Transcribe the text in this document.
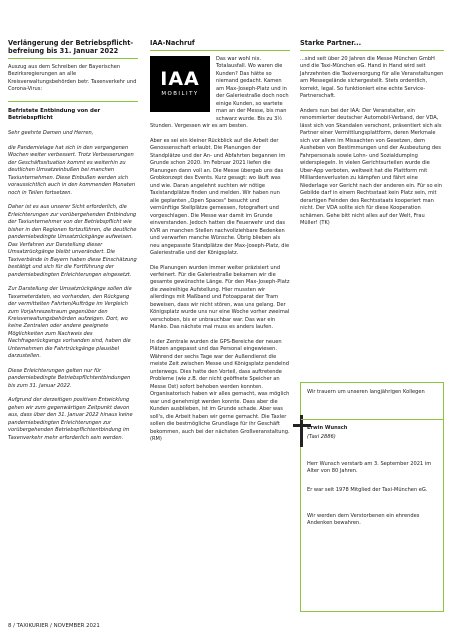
Verlängerung der Betriebspflicht-befreiung bis 31. Januar 2022

Auszug aus dem Schreiben der Bayerischen Bezirksregierungen an alle Kreisverwaltungsbehörden betr. Taxenverkehr und Corona-Virus:

Befristete Entbindung von der Betriebspflicht

Sehr geehrte Damen und Herren,

die Pandemielage hat sich in den vergangenen Wochen weiter verbessert. Trotz Verbesserungen der Geschäftssituation kommt es weiterhin zu deutlichen Umsatzeinbußen bei manchen Taxiunternehmen. Diese Einbußen werden sich voraussichtlich auch in den kommenden Monaten noch in Teilen fortsetzen.

Daher ist es aus unserer Sicht erforderlich, die Erleichterungen zur vorübergehenden Entbindung der Taxiunternehmer von der Betriebspflicht wie bisher in den Regionen fortzuführen, die deutliche pandemiebedingte Umsatzrückgänge aufweisen. Das Verfahren zur Darstellung dieser Umsatzrückgänge bleibt unverändert. Die Taxiverbände in Bayern haben diese Einschätzung bestätigt und sich für die Fortführung der pandemiebedingten Erleichterungen eingesetzt.

Zur Darstellung der Umsatzrückgänge sollen die Taxameterdaten, wo vorhanden, den Rückgang der vermittelten Fahrten/Auftröge im Vergleich zum Vorjahreszeitraum gegenüber den Kreisverwaltungsbehörden aufzeigen. Dort, wo keine Zentralen oder andere geeignete Möglichkeiten zum Nachweis des Nachfragerückgangs vorhanden sind, haben die Unternehmen die Fahrtrückgänge plausibel darzustellen.

Diese Erleichterungen gelten nur für pandemiebedingte Betriebspflichtentbindungen bis zum 31. Januar 2022.

Aufgrund der derzeitigen positiven Entwicklung gehen wir zum gegenwärtigen Zeitpunkt davon aus, dass über den 31. Januar 2022 hinaus keine pandemiebedingten Erleichterungen zur vorübergehenden Betriebspflichtentbindung im Taxenverkehr mehr erforderlich sein werden.

IAA-Nachruf
IAA
MOBILITY

Das war wohl nix. Totalausfall. Wo waren die Kunden? Das hätte so niemand gedacht. Kamen am Max-Joseph-Platz und in der Galeriestraße doch noch einige Kunden, so wartete man an der Messe, bis man schwarz wurde. Bis zu 3½ Stunden. Vergessen wir es am besten.

Aber es sei ein kleiner Rückblick auf die Arbeit der Genossenschaft erlaubt. Die Planungen der Standplätze und der An- und Abfahrten begannen im Grunde schon 2020. Im Februar 2021 liefen die Planungen dann voll an. Die Messe übergab uns das Grobkonzept des Events. Kurz gesagt: wo läuft was und wie. Daran angelehnt suchten wir nötige Taxistandplätze finden und melden. Wir haben nun alle geplanten „Open Spaces" besucht und vernünftige Stellplätze gemessen, fotografiert und vorgeschlagen. Die Messe war damit im Grunde einverstanden. Jedoch hatten die Feuerwehr und das KVR an manchen Stellen nachvollziehbare Bedenken und verwarfen manche Wünsche. Übrig blieben als neu angepasste Standplätze der Max-Joseph-Platz, die Galeriestraße und der Königsplatz.

Die Planungen wurden immer weiter präzisiert und verfeinert. Für die Galeriestraße bekamen wir die gesamte gewünschte Länge. Für den Max-Joseph-Platz die zweireihige Aufstellung. Hier mussten wir allerdings mit Maßband und Fotoapparat der Tram beweisen, dass wir nicht stören, was uns gelang. Der Königsplatz wurde uns nur eine Woche vorher zweimal verschoben, bis er unbrauchbar war. Das war ein Manko. Das nächste mal muss es anders laufen.

In der Zentrale wurden die GPS-Bereiche der neuen Plätzen angepasst und das Personal eingewiesen. Während der sechs Tage war der Außendienst die meiste Zeit zwischen Messe und Königsplatz pendelnd unterwegs. Dies hatte den Vorteil, dass auftretende Probleme (wie z.B. der nicht geöffnete Speicher an Messe Ost) sofort behoben werden konnten. Organisatorisch haben wir alles gemacht, was möglich war und genehmigt werden konnte. Dass aber die Kunden ausblieben, ist im Grunde schade. Aber was soll's, die Arbeit haben wir gerne gemacht. Die Taxler sollen die bestmögliche Grundlage für ihr Geschäft bekommen, auch bei der nächsten Großveranstaltung. (RM)

Starke Partner...

...sind seit über 20 Jahren die Messe München GmbH und die Taxi-München eG. Hand in Hand wird seit Jahrzehnten die Taxiversorgung für alle Veranstaltungen am Messegelände sichergestellt. Stets ordentlich, korrekt, legal. So funktioniert eine echte Service-Partnerschaft.

Anders nun bei der IAA: Der Veranstalter, ein renommierter deutscher Automobil-Verband, der VDA, lässt sich von Skandalen verschont, präsentiert sich als Partner einer Vermittlungsplattform, deren Merkmale sich vor allem im Missachten von Gesetzen, dem Ausheben von Bestimmungen und der Ausbeutung des Fahrpersonals sowie Lohn- und Sozialdumping widerspiegeln. In vielen Gerichtsurteilen wurde die Uber-App verboten, weltweit hat die Plattform mit Milliardenverlusten zu kämpfen und fährt eine Niederlage vor Gericht nach der anderen ein. Für so ein Gebilde darf in einem Rechtsstaat kein Platz sein, mit derartigen Feinden des Rechtsstaats kooperiert man nicht. Der VDA sollte sich für diese Kooperation schämen. Gehe bitt nicht alles auf der Welt, Frau Müller! (TK)

Wir trauern um unseren langjährigen Kollegen
Erwin Wunsch
(Taxi 2886)
Herr Wunsch verstarb am 3. September 2021 im Alter von 80 Jahren.
Er war seit 1978 Mitglied der Taxi-München eG.
Wir werden dem Verstorbenen ein ehrendes Andenken bewahren.
8 / TAXIKURIER / NOVEMBER 2021
